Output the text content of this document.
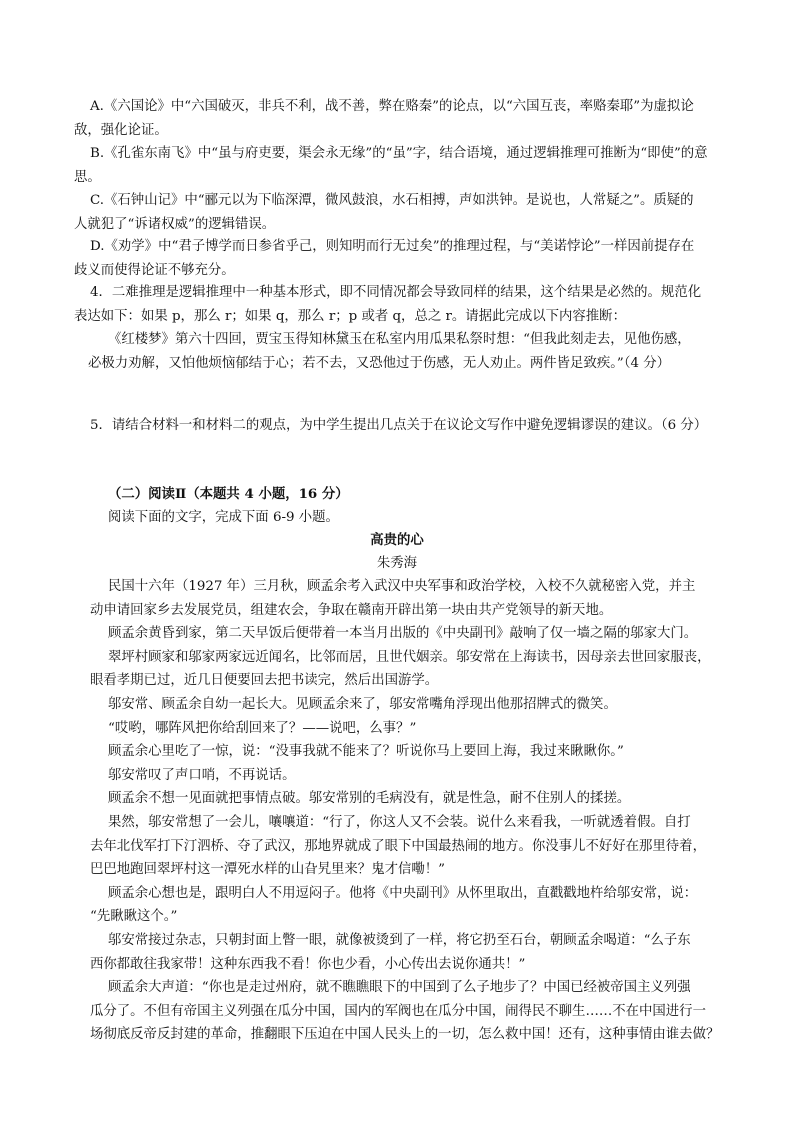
A.《六国论》中“六国破灭，非兵不利，战不善，弊在赂秦”的论点，以“六国互丧，率赂秦耶”为虚拟论
敌，强化论证。
B.《孔雀东南飞》中“虽与府吏要，渠会永无缘”的“虽”字，结合语境，通过逻辑推理可推断为“即使”的意
思。
C.《石钟山记》中“郦元以为下临深潭，微风鼓浪，水石相搏，声如洪钟。是说也，人常疑之”。质疑的
人就犯了“诉诸权威”的逻辑错误。
D.《劝学》中“君子博学而日参省乎己，则知明而行无过矣”的推理过程，与“美诺悖论”一样因前提存在
歧义而使得论证不够充分。
4．二难推理是逻辑推理中一种基本形式，即不同情况都会导致同样的结果，这个结果是必然的。规范化
表达如下：如果 p，那么 r；如果 q，那么 r；p 或者 q，总之 r。请据此完成以下内容推断：
《红楼梦》第六十四回，贾宝玉得知林黛玉在私室内用瓜果私祭时想：“但我此刻走去，见他伤感，
必极力劝解，又怕他烦恼郁结于心；若不去，又恐他过于伤感，无人劝止。两件皆足致疾。”（4 分）
5．请结合材料一和材料二的观点，为中学生提出几点关于在议论文写作中避免逻辑谬误的建议。（6 分）
（二）阅读Ⅱ（本题共 4 小题，16 分）
阅读下面的文字，完成下面 6-9 小题。
高贵的心
朱秀海
民国十六年（1927 年）三月秋，顾孟余考入武汉中央军事和政治学校，入校不久就秘密入党，并主
动申请回家乡去发展党员，组建农会，争取在赣南开辟出第一块由共产党领导的新天地。
顾孟余黄昏到家，第二天早饭后便带着一本当月出版的《中央副刊》敲响了仅一墙之隔的邬家大门。
翠坪村顾家和邬家两家远近闻名，比邻而居，且世代姻亲。邬安常在上海读书，因母亲去世回家服丧，
眼看孝期已过，近几日便要回去把书读完，然后出国游学。
邬安常、顾孟余自幼一起长大。见顾孟余来了，邬安常嘴角浮现出他那招牌式的微笑。
“哎哟，哪阵风把你给刮回来了？——说吧，么事？”
顾孟余心里吃了一惊，说：“没事我就不能来了？听说你马上要回上海，我过来瞅瞅你。”
邬安常叹了声口哨，不再说话。
顾孟余不想一见面就把事情点破。邬安常别的毛病没有，就是性急，耐不住别人的揉搓。
果然，邬安常想了一会儿，嚷嚷道：“行了，你这人又不会装。说什么来看我，一听就透着假。自打
去年北伐军打下汀泗桥、夺了武汉，那地界就成了眼下中国最热闹的地方。你没事儿不好好在那里待着，
巴巴地跑回翠坪村这一潭死水样的山旮旯里来？鬼才信嘞！”
顾孟余心想也是，跟明白人不用逗闷子。他将《中央副刊》从怀里取出，直戳戳地杵给邬安常，说：
“先瞅瞅这个。”
邬安常接过杂志，只朝封面上瞥一眼，就像被烫到了一样，将它扔至石台，朝顾孟余喝道：“么子东
西你都敢往我家带！这种东西我不看！你也少看，小心传出去说你通共！”
顾孟余大声道：“你也是走过州府，就不瞧瞧眼下的中国到了么子地步了？中国已经被帝国主义列强
瓜分了。不但有帝国主义列强在瓜分中国，国内的军阀也在瓜分中国，闹得民不聊生……不在中国进行一
场彻底反帝反封建的革命，推翻眼下压迫在中国人民头上的一切，怎么救中国！还有，这种事情由谁去做？
